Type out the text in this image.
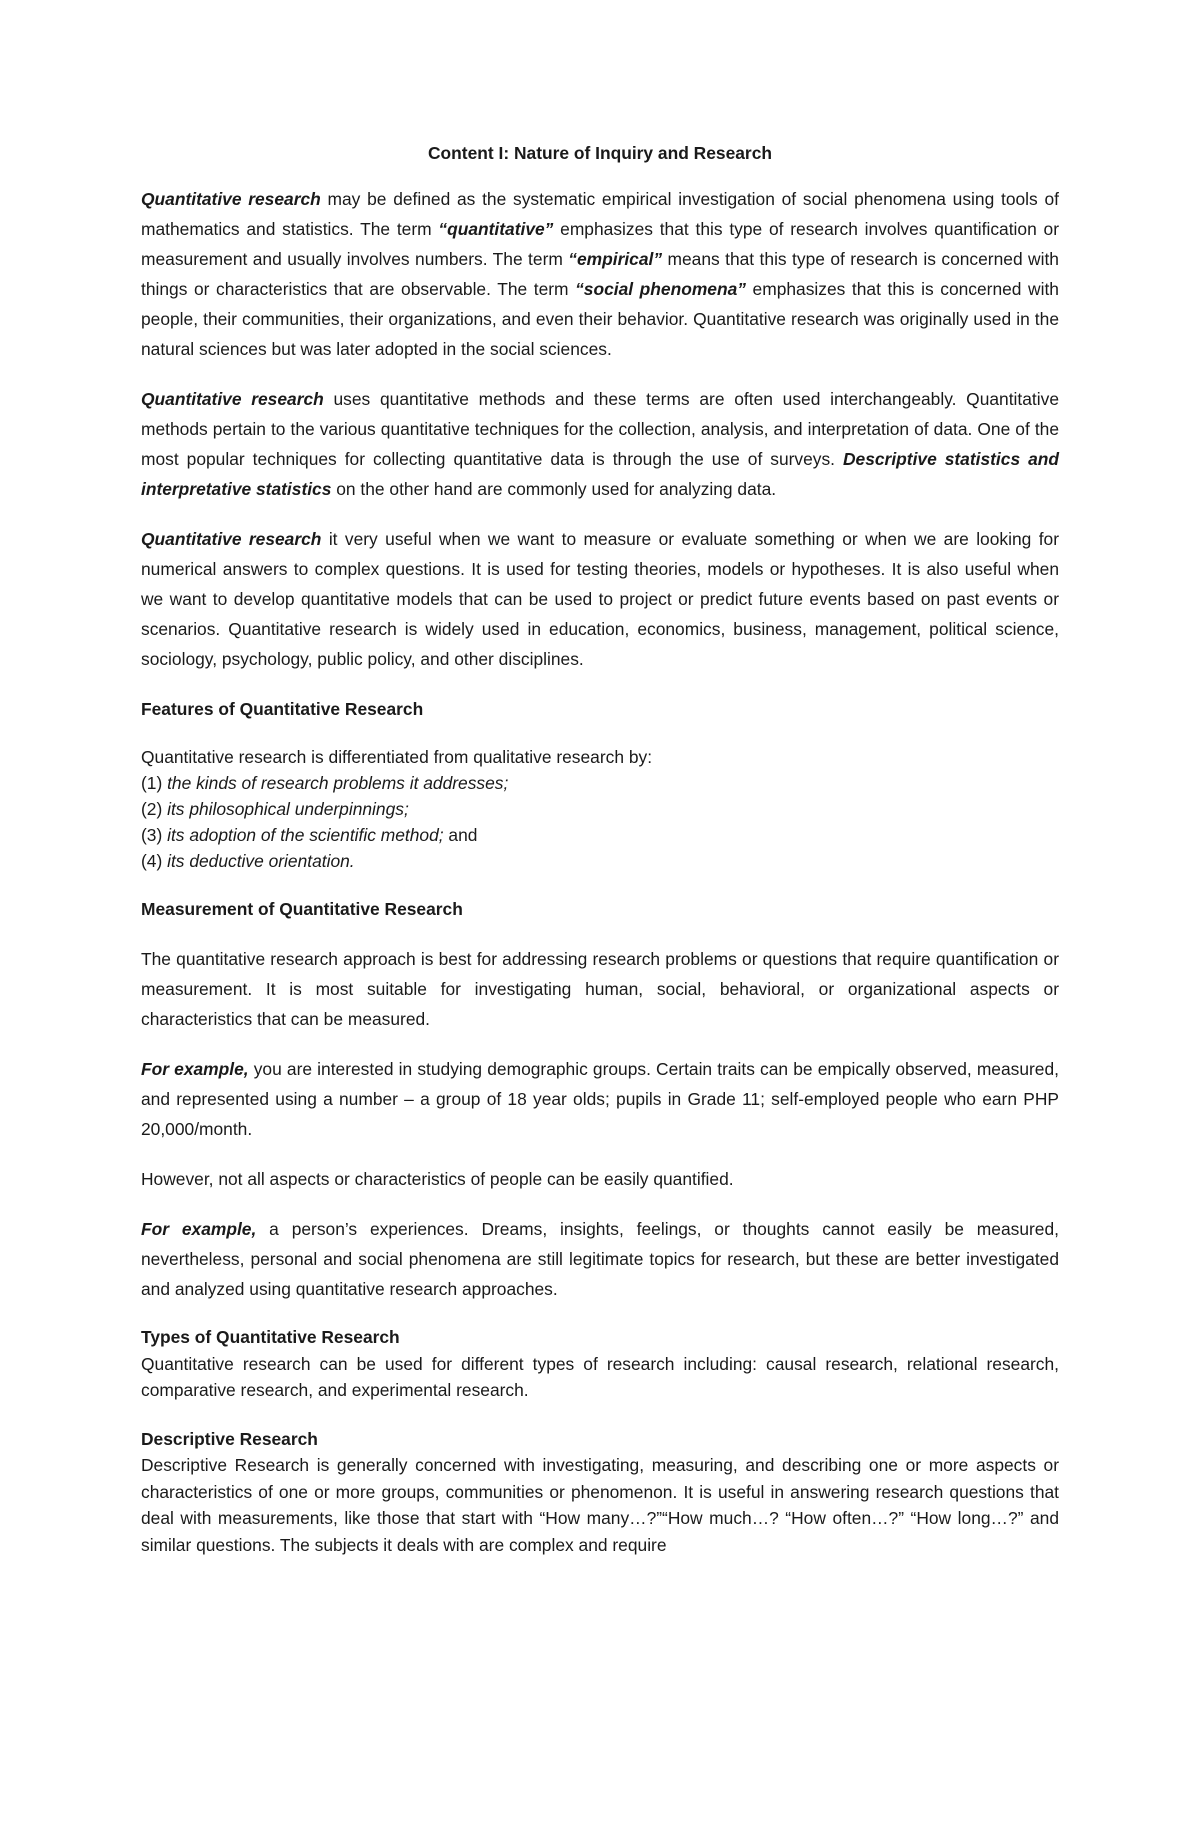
Content I: Nature of Inquiry and Research

Quantitative research may be defined as the systematic empirical investigation of social phenomena using tools of mathematics and statistics. The term “quantitative” emphasizes that this type of research involves quantification or measurement and usually involves numbers. The term “empirical” means that this type of research is concerned with things or characteristics that are observable. The term “social phenomena” emphasizes that this is concerned with people, their communities, their organizations, and even their behavior. Quantitative research was originally used in the natural sciences but was later adopted in the social sciences.

Quantitative research uses quantitative methods and these terms are often used interchangeably. Quantitative methods pertain to the various quantitative techniques for the collection, analysis, and interpretation of data. One of the most popular techniques for collecting quantitative data is through the use of surveys. Descriptive statistics and interpretative statistics on the other hand are commonly used for analyzing data.

Quantitative research it very useful when we want to measure or evaluate something or when we are looking for numerical answers to complex questions. It is used for testing theories, models or hypotheses. It is also useful when we want to develop quantitative models that can be used to project or predict future events based on past events or scenarios. Quantitative research is widely used in education, economics, business, management, political science, sociology, psychology, public policy, and other disciplines.

Features of Quantitative Research

Quantitative research is differentiated from qualitative research by:
(1) the kinds of research problems it addresses;
(2) its philosophical underpinnings;
(3) its adoption of the scientific method; and
(4) its deductive orientation.

Measurement of Quantitative Research

The quantitative research approach is best for addressing research problems or questions that require quantification or measurement. It is most suitable for investigating human, social, behavioral, or organizational aspects or characteristics that can be measured.

For example, you are interested in studying demographic groups. Certain traits can be empically observed, measured, and represented using a number – a group of 18 year olds; pupils in Grade 11; self-employed people who earn PHP 20,000/month.

However, not all aspects or characteristics of people can be easily quantified.

For example, a person’s experiences. Dreams, insights, feelings, or thoughts cannot easily be measured, nevertheless, personal and social phenomena are still legitimate topics for research, but these are better investigated and analyzed using quantitative research approaches.

Types of Quantitative Research
Quantitative research can be used for different types of research including: causal research, relational research, comparative research, and experimental research.
Descriptive Research
Descriptive Research is generally concerned with investigating, measuring, and describing one or more aspects or characteristics of one or more groups, communities or phenomenon. It is useful in answering research questions that deal with measurements, like those that start with “How many…?”“How much…? “How often…?” “How long…?” and similar questions. The subjects it deals with are complex and require
